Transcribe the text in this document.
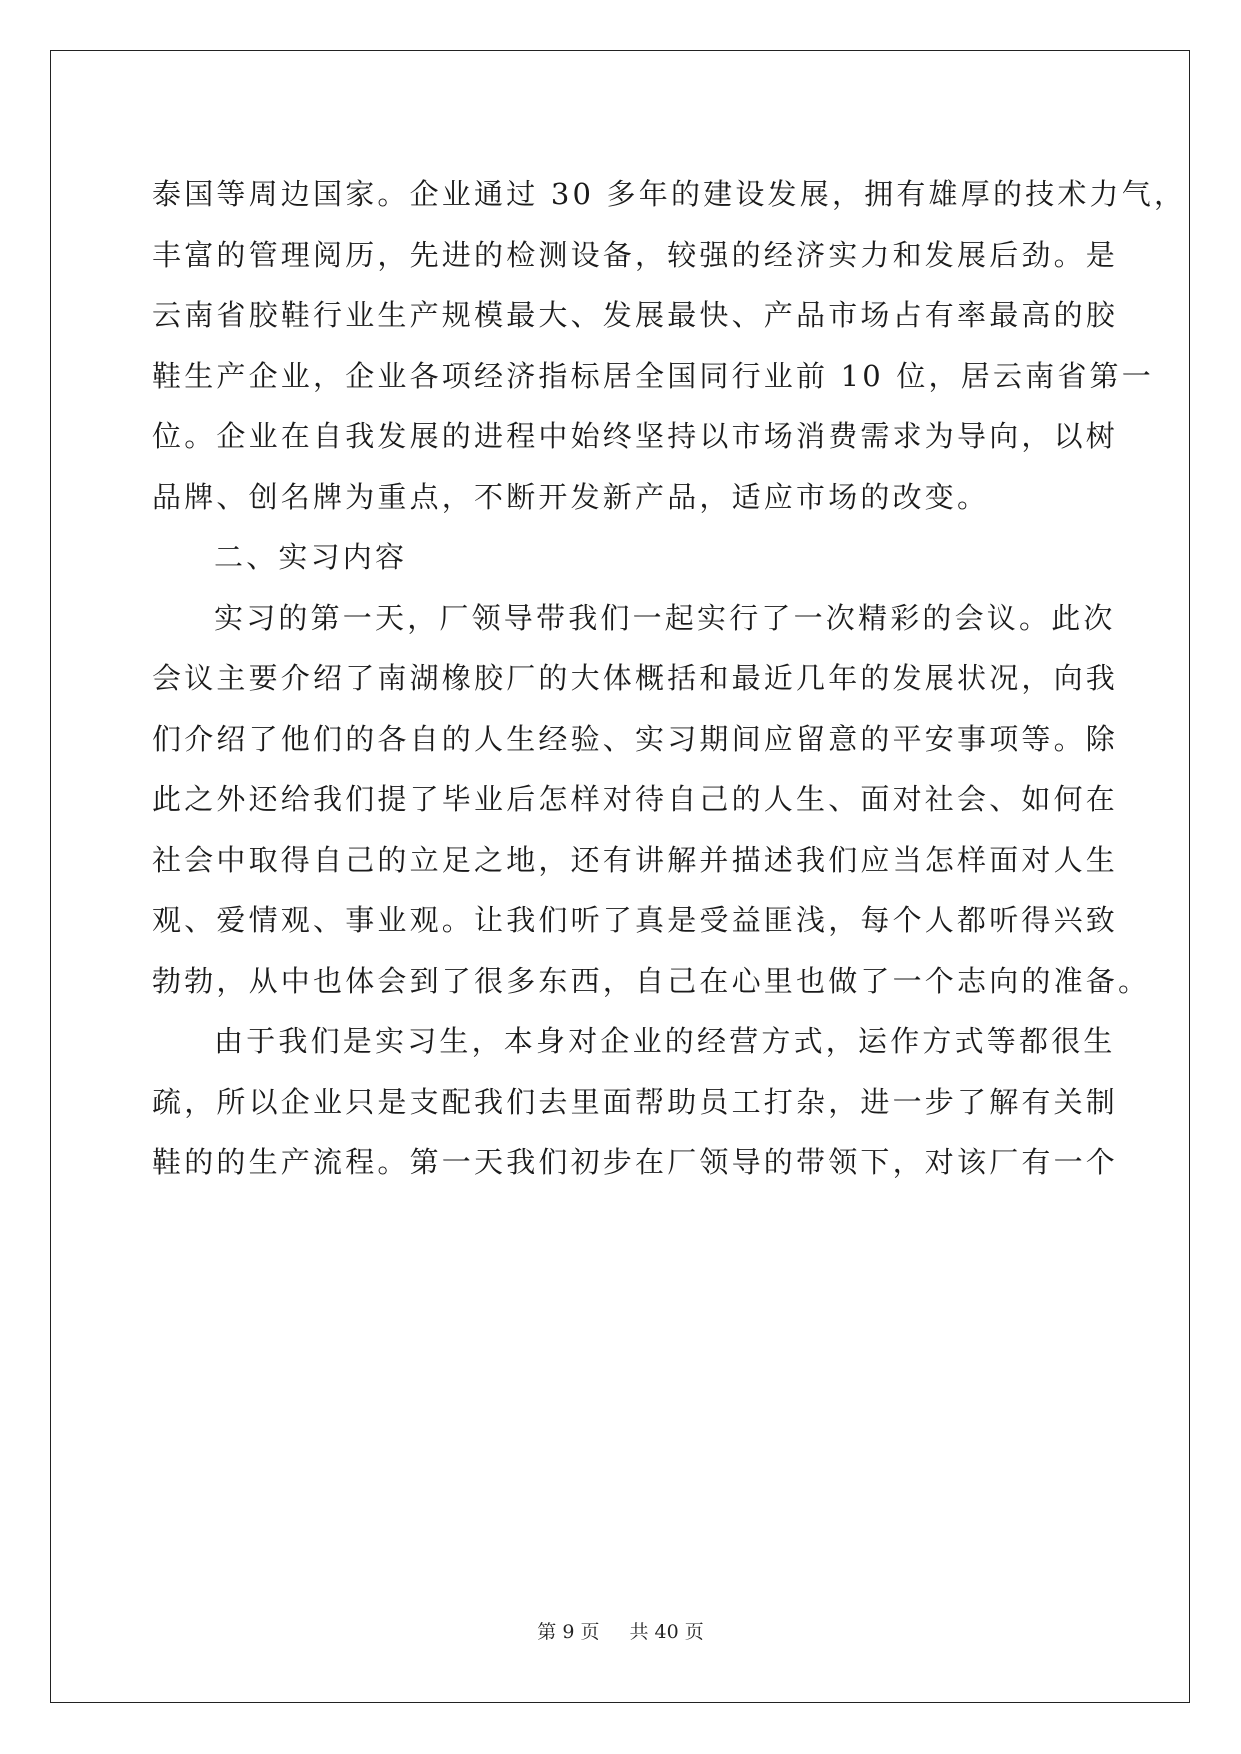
泰国等周边国家。企业通过 30 多年的建设发展，拥有雄厚的技术力气，
丰富的管理阅历，先进的检测设备，较强的经济实力和发展后劲。是
云南省胶鞋行业生产规模最大、发展最快、产品市场占有率最高的胶
鞋生产企业，企业各项经济指标居全国同行业前 10 位，居云南省第一
位。企业在自我发展的进程中始终坚持以市场消费需求为导向，以树
品牌、创名牌为重点，不断开发新产品，适应市场的改变。
二、实习内容
实习的第一天，厂领导带我们一起实行了一次精彩的会议。此次
会议主要介绍了南湖橡胶厂的大体概括和最近几年的发展状况，向我
们介绍了他们的各自的人生经验、实习期间应留意的平安事项等。除
此之外还给我们提了毕业后怎样对待自己的人生、面对社会、如何在
社会中取得自己的立足之地，还有讲解并描述我们应当怎样面对人生
观、爱情观、事业观。让我们听了真是受益匪浅，每个人都听得兴致
勃勃，从中也体会到了很多东西，自己在心里也做了一个志向的准备。
由于我们是实习生，本身对企业的经营方式，运作方式等都很生
疏，所以企业只是支配我们去里面帮助员工打杂，进一步了解有关制
鞋的的生产流程。第一天我们初步在厂领导的带领下，对该厂有一个
第 9 页 共 40 页
